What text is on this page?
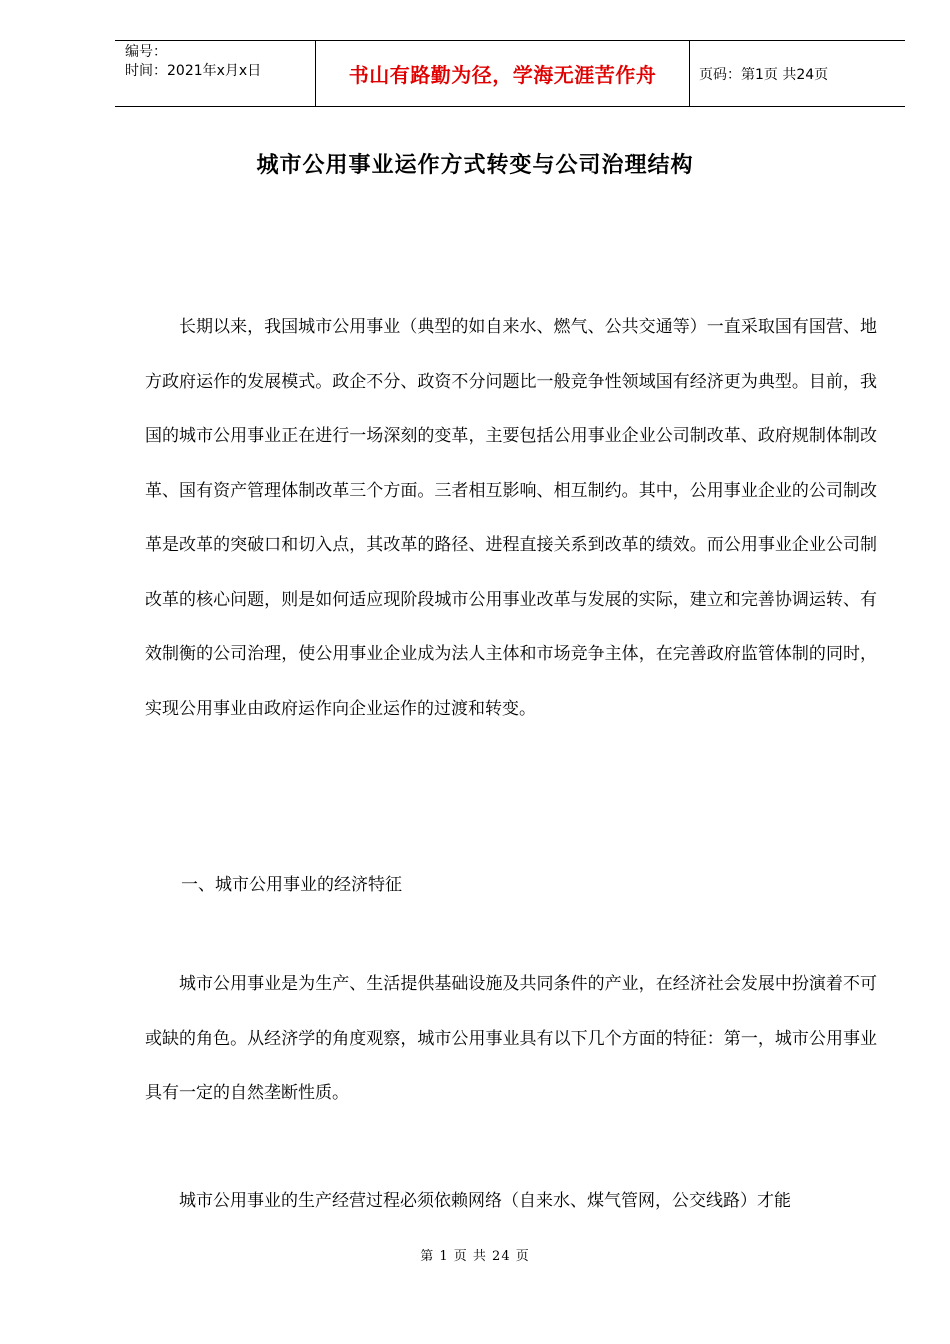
编号：
时间：2021年x月x日	书山有路勤为径，学海无涯苦作舟	页码：第1页 共24页
城市公用事业运作方式转变与公司治理结构
长期以来，我国城市公用事业（典型的如自来水、燃气、公共交通等）一直采取国有国营、地方政府运作的发展模式。政企不分、政资不分问题比一般竞争性领域国有经济更为典型。目前，我国的城市公用事业正在进行一场深刻的变革，主要包括公用事业企业公司制改革、政府规制体制改革、国有资产管理体制改革三个方面。三者相互影响、相互制约。其中，公用事业企业的公司制改革是改革的突破口和切入点，其改革的路径、进程直接关系到改革的绩效。而公用事业企业公司制改革的核心问题，则是如何适应现阶段城市公用事业改革与发展的实际，建立和完善协调运转、有效制衡的公司治理，使公用事业企业成为法人主体和市场竞争主体，在完善政府监管体制的同时，实现公用事业由政府运作向企业运作的过渡和转变。
一、城市公用事业的经济特征
城市公用事业是为生产、生活提供基础设施及共同条件的产业，在经济社会发展中扮演着不可或缺的角色。从经济学的角度观察，城市公用事业具有以下几个方面的特征：第一，城市公用事业具有一定的自然垄断性质。
城市公用事业的生产经营过程必须依赖网络（自来水、煤气管网，公交线路）才能
第 1 页 共 24 页
